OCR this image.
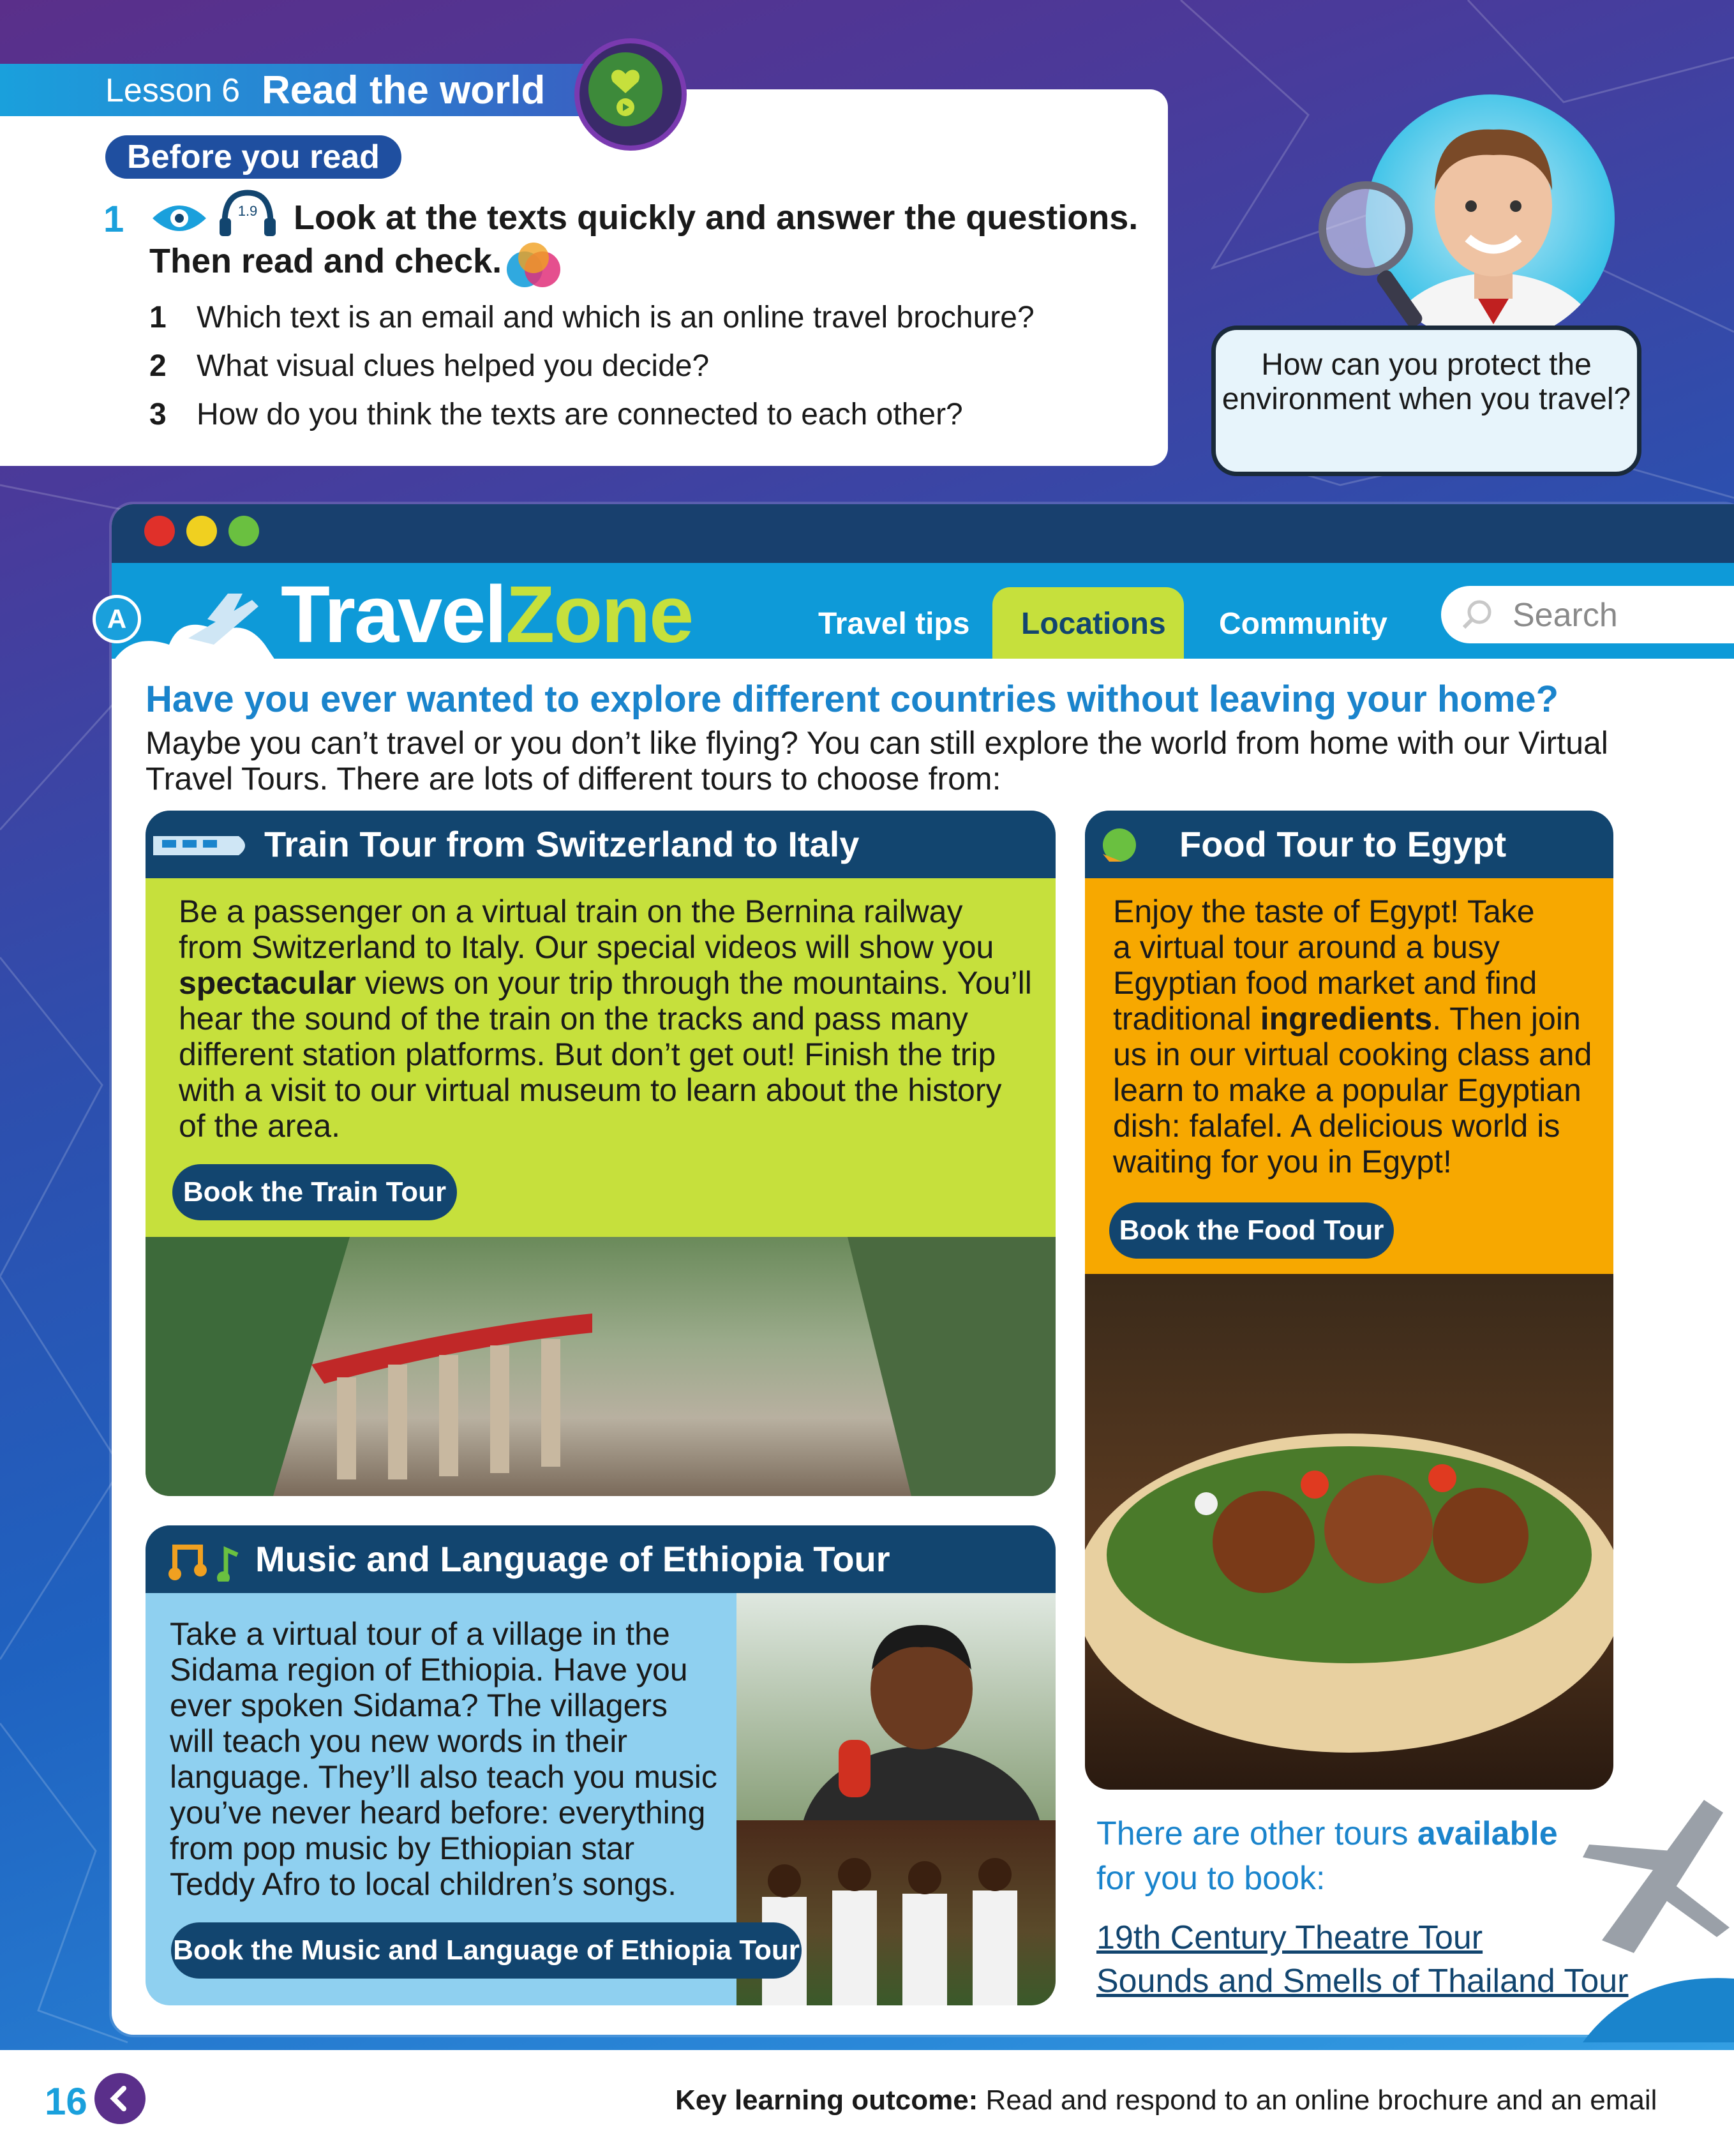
Lesson 6 Read the world
Before you read
1	1.9 Look at the texts quickly and answer the questions.
Then read and check.
1 Which text is an email and which is an online travel brochure?
2 What visual clues helped you decide?
3 How do you think the texts are connected to each other?
How can you protect the environment when you travel?
A TravelZone	Travel tips Locations Community	Search
Have you ever wanted to explore different countries without leaving your home?
Maybe you can’t travel or you don’t like flying? You can still explore the world from home with our Virtual Travel Tours. There are lots of different tours to choose from:
Train Tour from Switzerland to Italy
Be a passenger on a virtual train on the Bernina railway
from Switzerland to Italy. Our special videos will show you
spectacular views on your trip through the mountains. You’ll
hear the sound of the train on the tracks and pass many
different station platforms. But don’t get out! Finish the trip
with a visit to our virtual museum to learn about the history
of the area.
Book the Train Tour
Food Tour to Egypt
Enjoy the taste of Egypt! Take
a virtual tour around a busy
Egyptian food market and find
traditional ingredients. Then join
us in our virtual cooking class and
learn to make a popular Egyptian
dish: falafel. A delicious world is
waiting for you in Egypt!
Book the Food Tour
Music and Language of Ethiopia Tour
Take a virtual tour of a village in the
Sidama region of Ethiopia. Have you
ever spoken Sidama? The villagers
will teach you new words in their
language. They’ll also teach you music
you’ve never heard before: everything
from pop music by Ethiopian star
Teddy Afro to local children’s songs.
Book the Music and Language of Ethiopia Tour
There are other tours available
for you to book:
19th Century Theatre Tour
Sounds and Smells of Thailand Tour
16	Key learning outcome: Read and respond to an online brochure and an email
